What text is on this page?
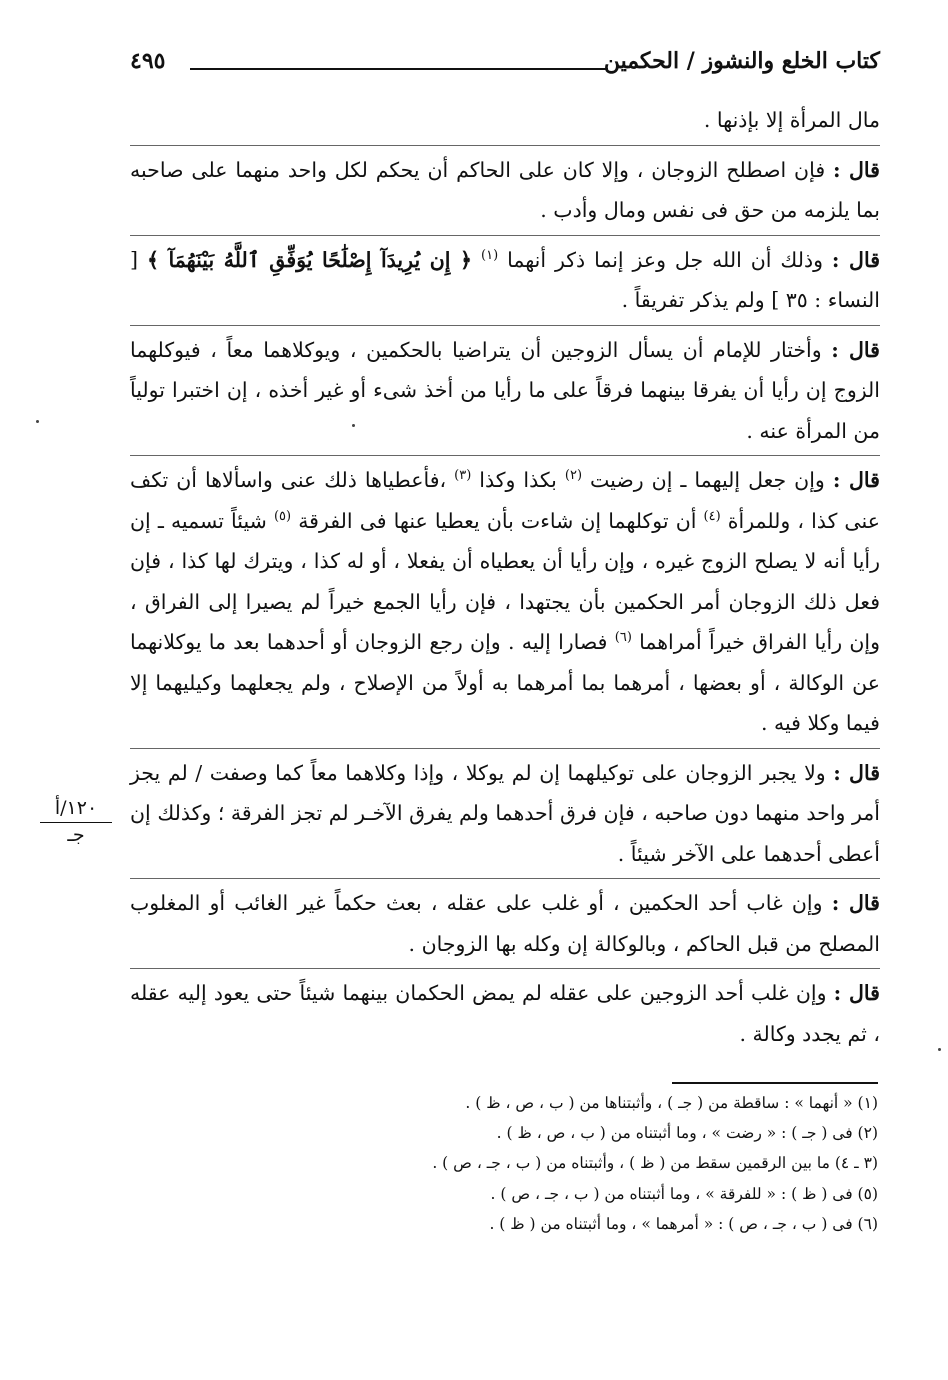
كتاب الخلع والنشوز / الحكمين
٤٩٥
١٢٠/أ
جـ

مال المرأة إلا بإذنها .

قال : فإن اصطلح الزوجان ، وإلا كان على الحاكم أن يحكم لكل واحد منهما على صاحبه بما يلزمه من حق فى نفس ومال وأدب .

قال : وذلك أن الله جل وعز إنما ذكر أنهما $^{(١)}$ ﴿ إِن يُرِيدَآ إِصْلَٰحًا يُوَفِّقِ ٱللَّهُ بَيْنَهُمَآ ﴾ [ النساء : ٣٥ ] ولم يذكر تفريقاً .

قال : وأختار للإمام أن يسأل الزوجين أن يتراضيا بالحكمين ، ويوكلاهما معاً ، فيوكلهما الزوج إن رأيا أن يفرقا بينهما فرقاً على ما رأيا من أخذ شىء أو غير أخذه ، إن اختبرا تولياً من المرأة عنه .

قال : وإن جعل إليهما ـ إن رضيت $^{(٢)}$ بكذا وكذا $^{(٣)}$ ،فأعطياها ذلك عنى واسألاها أن تكف عنى كذا ، وللمرأة $^{(٤)}$ أن توكلهما إن شاءت بأن يعطيا عنها فى الفرقة $^{(٥)}$ شيئاً تسميه ـ إن رأيا أنه لا يصلح الزوج غيره ، وإن رأيا أن يعطياه أن يفعلا ، أو له كذا ، ويترك لها كذا ، فإن فعل ذلك الزوجان أمر الحكمين بأن يجتهدا ، فإن رأيا الجمع خيراً لم يصيرا إلى الفراق ، وإن رأيا الفراق خيراً أمراهما $^{(٦)}$ فصارا إليه . وإن رجع الزوجان أو أحدهما بعد ما يوكلانهما عن الوكالة ، أو بعضها ، أمرهما بما أمرهما به أولاً من الإصلاح ، ولم يجعلهما وكيليهما إلا فيما وكلا فيه .

قال : ولا يجبر الزوجان على توكيلهما إن لم يوكلا ، وإذا وكلاهما معاً كما وصفت / لم يجز أمر واحد منهما دون صاحبه ، فإن فرق أحدهما ولم يفرق الآخـر لم تجز الفرقة ؛ وكذلك إن أعطى أحدهما على الآخر شيئاً .

قال : وإن غاب أحد الحكمين ، أو غلب على عقله ، بعث حكماً غير الغائب أو المغلوب المصلح من قبل الحاكم ، وبالوكالة إن وكله بها الزوجان .

قال : وإن غلب أحد الزوجين على عقله لم يمض الحكمان بينهما شيئاً حتى يعود إليه عقله ، ثم يجدد وكالة .

(١) « أنهما » : ساقطة من ( جـ ) ، وأثبتناها من ( ب ، ص ، ظ ) .

(٢) فى ( جـ ) : « رضت » ، وما أثبتناه من ( ب ، ص ، ظ ) .

(٣ ـ ٤) ما بين الرقمين سقط من ( ظ ) ، وأثبتناه من ( ب ، جـ ، ص ) .

(٥) فى ( ظ ) : « للفرقة » ، وما أثبتناه من ( ب ، جـ ، ص ) .

(٦) فى ( ب ، جـ ، ص ) : « أمرهما » ، وما أثبتناه من ( ظ ) .
